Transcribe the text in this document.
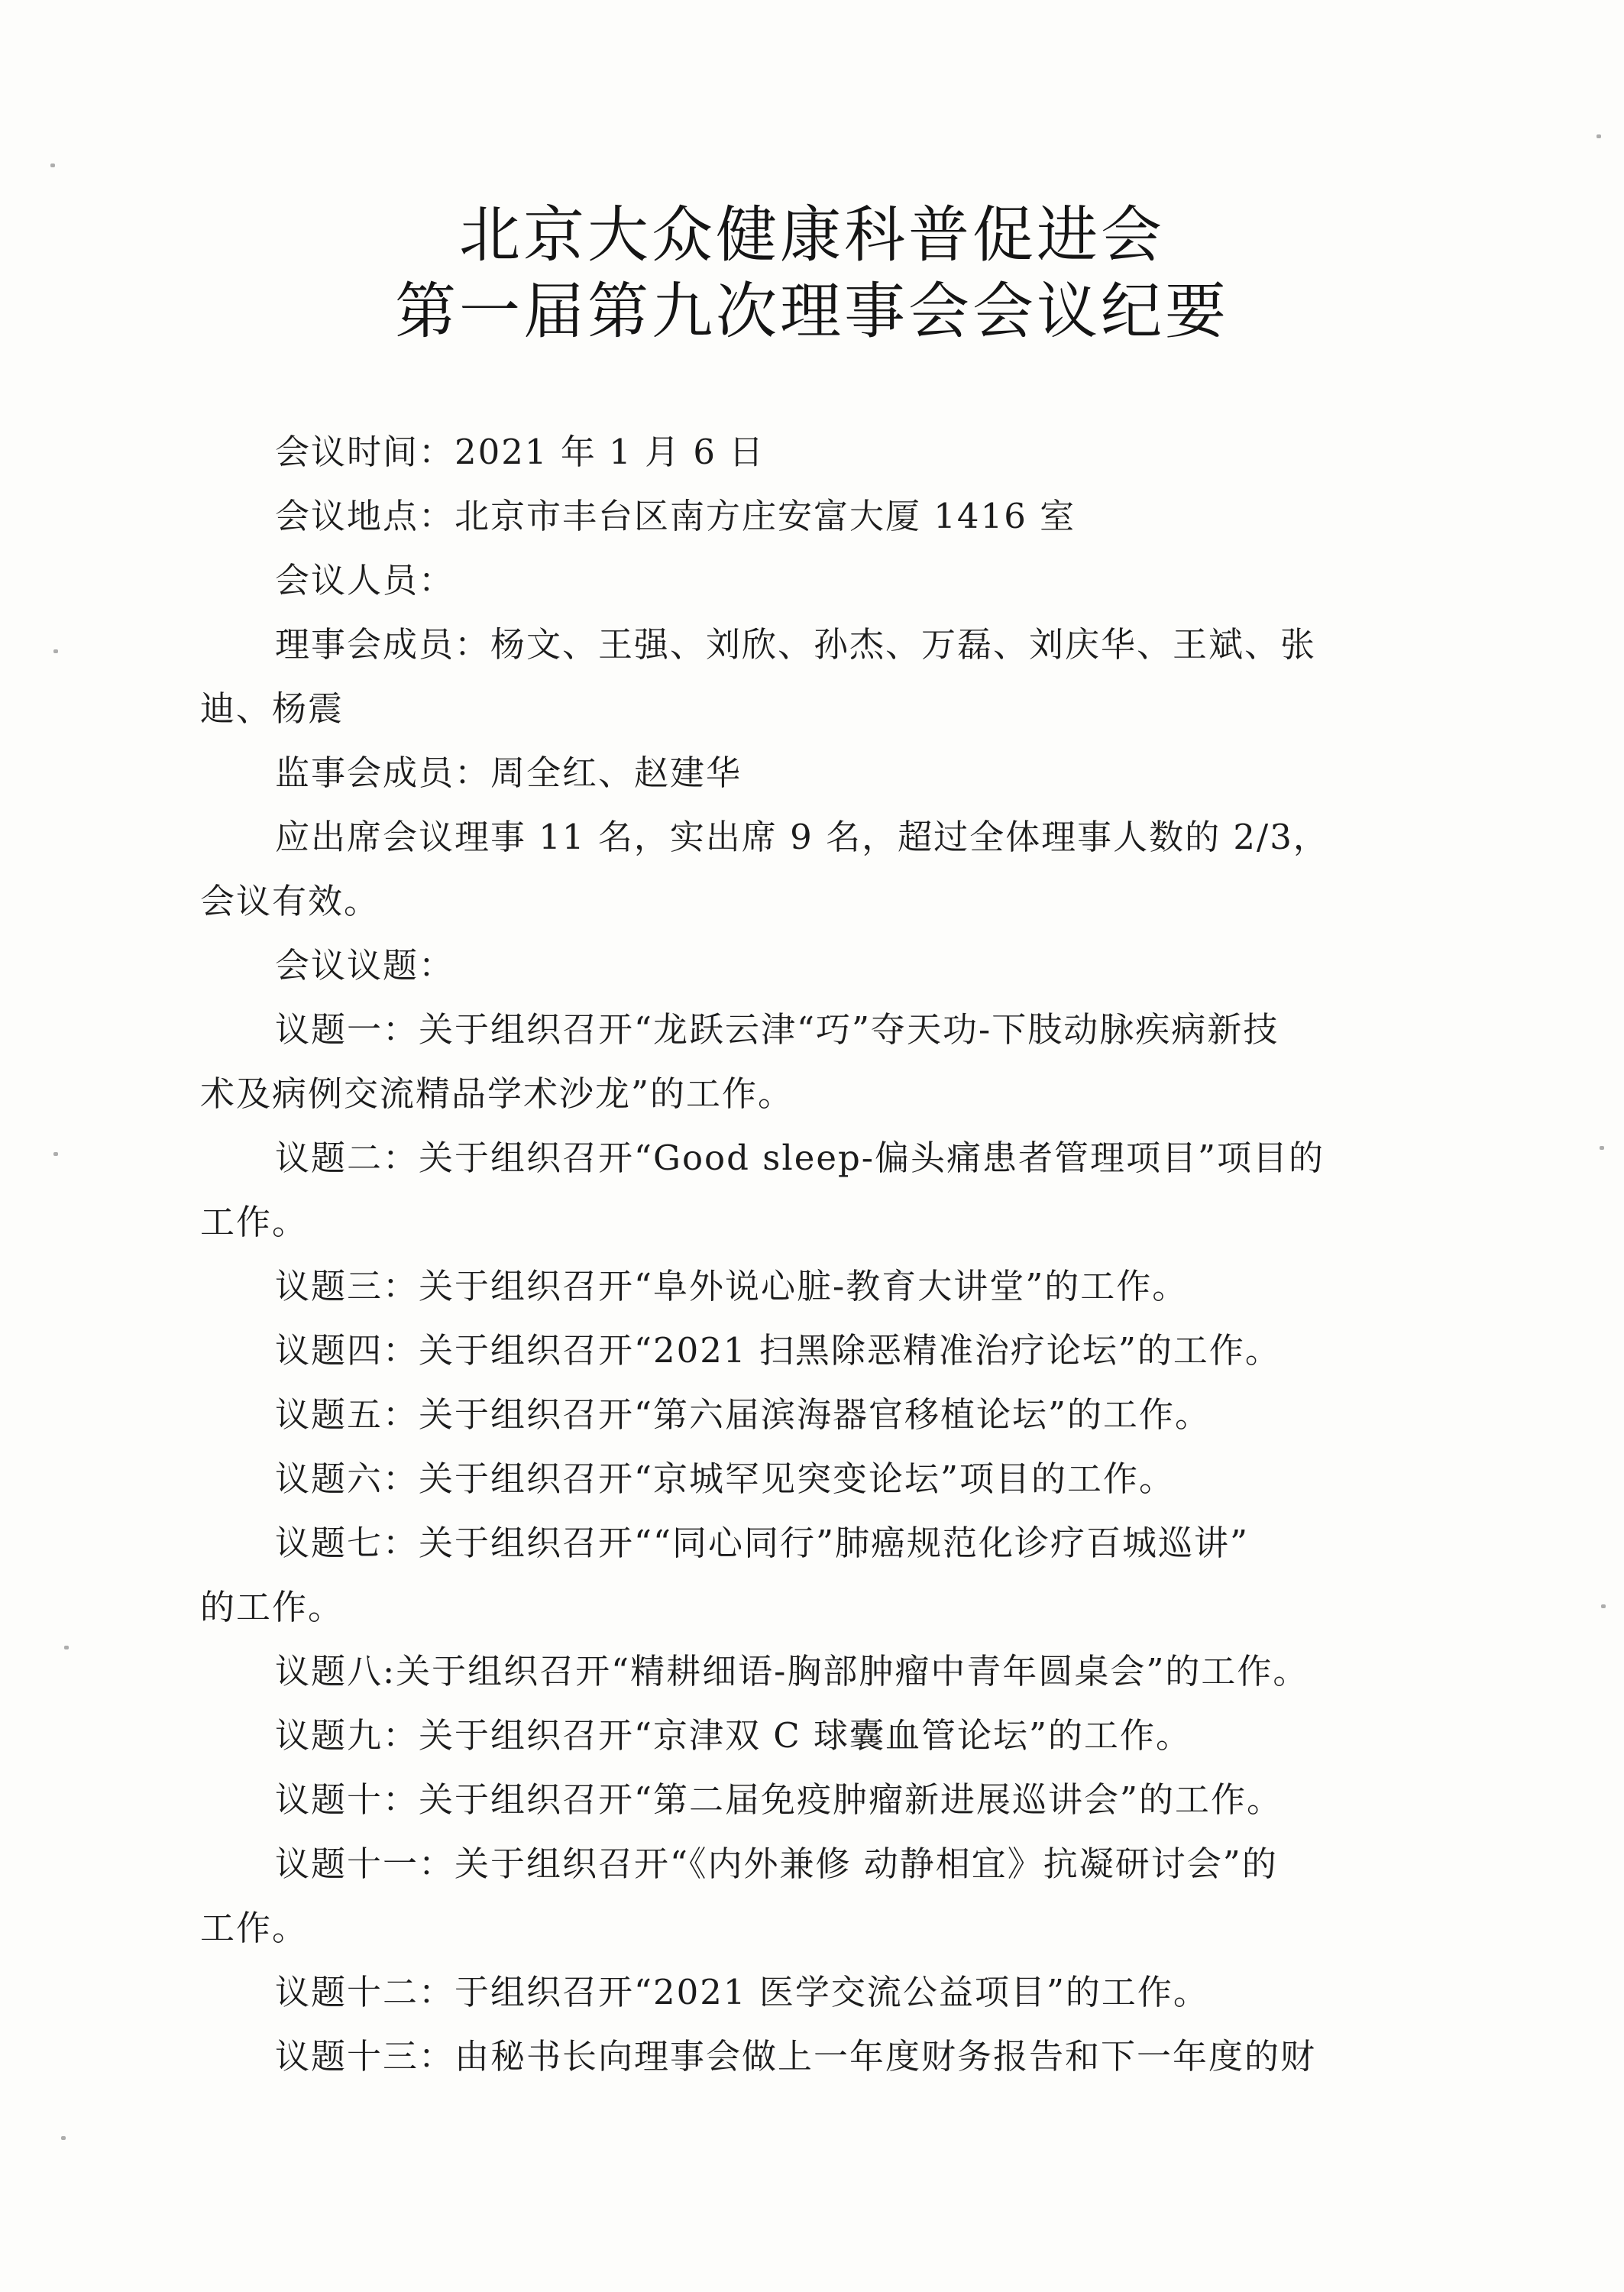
北京大众健康科普促进会
第一届第九次理事会会议纪要
会议时间：2021 年 1 月 6 日
会议地点：北京市丰台区南方庄安富大厦 1416 室
会议人员：
理事会成员：杨文、王强、刘欣、孙杰、万磊、刘庆华、王斌、张
迪、杨震
监事会成员：周全红、赵建华
应出席会议理事 11 名，实出席 9 名，超过全体理事人数的 2/3，
会议有效。
会议议题：
议题一：关于组织召开“龙跃云津“巧”夺天功-下肢动脉疾病新技
术及病例交流精品学术沙龙”的工作。
议题二：关于组织召开“Good sleep-偏头痛患者管理项目”项目的
工作。
议题三：关于组织召开“阜外说心脏-教育大讲堂”的工作。
议题四：关于组织召开“2021 扫黑除恶精准治疗论坛”的工作。
议题五：关于组织召开“第六届滨海器官移植论坛”的工作。
议题六：关于组织召开“京城罕见突变论坛”项目的工作。
议题七：关于组织召开““同心同行”肺癌规范化诊疗百城巡讲”
的工作。
议题八:关于组织召开“精耕细语-胸部肿瘤中青年圆桌会”的工作。
议题九：关于组织召开“京津双 C 球囊血管论坛”的工作。
议题十：关于组织召开“第二届免疫肿瘤新进展巡讲会”的工作。
议题十一：关于组织召开“《内外兼修 动静相宜》抗凝研讨会”的
工作。
议题十二：于组织召开“2021 医学交流公益项目”的工作。
议题十三：由秘书长向理事会做上一年度财务报告和下一年度的财
